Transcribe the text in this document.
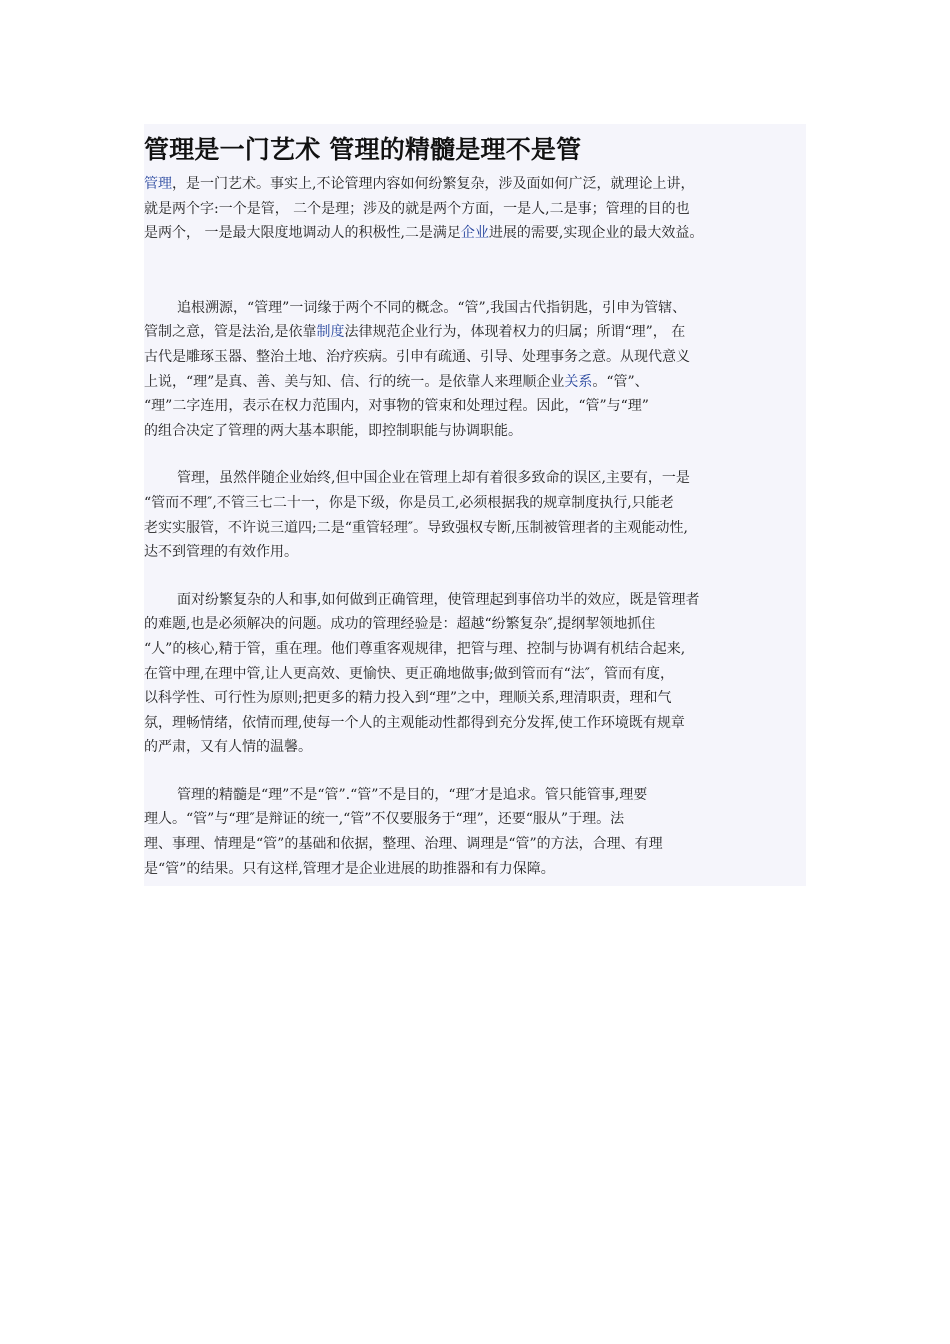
管理是一门艺术 管理的精髓是理不是管

管理，是一门艺术。事实上,不论管理内容如何纷繁复杂，涉及面如何广泛，就理论上讲，
就是两个字:一个是管， 二个是理；涉及的就是两个方面，一是人,二是事；管理的目的也
是两个， 一是最大限度地调动人的积极性,二是满足企业进展的需要,实现企业的最大效益。

追根溯源，“管理”一词缘于两个不同的概念。“管”,我国古代指钥匙，引申为管辖、
管制之意，管是法治,是依靠制度法律规范企业行为，体现着权力的归属；所谓“理”， 在
古代是雕琢玉器、整治土地、治疗疾病。引申有疏通、引导、处理事务之意。从现代意义
上说，“理”是真、善、美与知、信、行的统一。是依靠人来理顺企业关系。“管”、
“理”二字连用，表示在权力范围内，对事物的管束和处理过程。因此，“管”与“理”
的组合决定了管理的两大基本职能，即控制职能与协调职能。

管理，虽然伴随企业始终,但中国企业在管理上却有着很多致命的误区,主要有，一是
“管而不理″,不管三七二十一，你是下级，你是员工,必须根据我的规章制度执行,只能老
老实实服管，不许说三道四;二是“重管轻理″。导致强权专断,压制被管理者的主观能动性,
达不到管理的有效作用。

面对纷繁复杂的人和事,如何做到正确管理，使管理起到事倍功半的效应，既是管理者
的难题,也是必须解决的问题。成功的管理经验是：超越“纷繁复杂″,提纲挈领地抓住
“人”的核心,精于管，重在理。他们尊重客观规律，把管与理、控制与协调有机结合起来,
在管中理,在理中管,让人更高效、更愉快、更正确地做事;做到管而有“法″，管而有度，
以科学性、可行性为原则;把更多的精力投入到“理”之中，理顺关系,理清职责，理和气
氛，理畅情绪，依情而理,使每一个人的主观能动性都得到充分发挥,使工作环境既有规章
的严肃，又有人情的温馨。

管理的精髓是“理”不是“管”.“管”不是目的，“理″才是追求。管只能管事,理要
理人。“管”与“理″是辩证的统一,“管”不仅要服务于“理”，还要“服从”于理。法
理、事理、情理是“管”的基础和依据，整理、治理、调理是“管”的方法，合理、有理
是“管”的结果。只有这样,管理才是企业进展的助推器和有力保障。
